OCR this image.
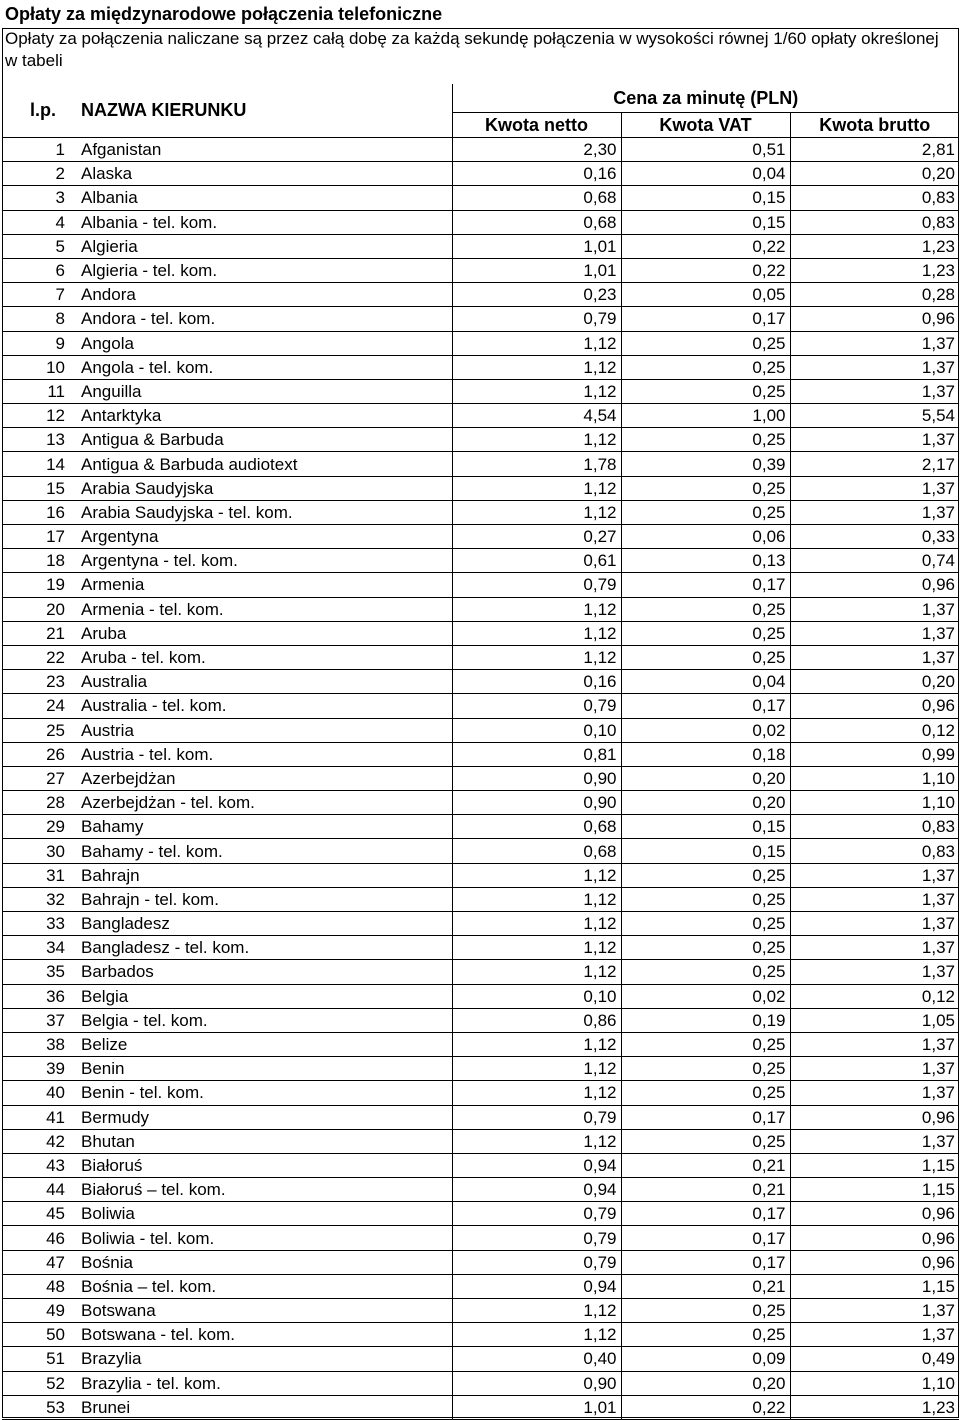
Opłaty za międzynarodowe połączenia telefoniczne
Opłaty za połączenia naliczane są przez całą dobę za każdą sekundę połączenia w wysokości równej 1/60 opłaty określonej w tabeli
l.p.	NAZWA KIERUNKU	Cena za minutę (PLN)		
		Kwota netto	Kwota VAT	Kwota brutto
1	Afganistan	2,30	0,51	2,81
2	Alaska	0,16	0,04	0,20
3	Albania	0,68	0,15	0,83
4	Albania - tel. kom.	0,68	0,15	0,83
5	Algieria	1,01	0,22	1,23
6	Algieria - tel. kom.	1,01	0,22	1,23
7	Andora	0,23	0,05	0,28
8	Andora - tel. kom.	0,79	0,17	0,96
9	Angola	1,12	0,25	1,37
10	Angola - tel. kom.	1,12	0,25	1,37
11	Anguilla	1,12	0,25	1,37
12	Antarktyka	4,54	1,00	5,54
13	Antigua & Barbuda	1,12	0,25	1,37
14	Antigua & Barbuda audiotext	1,78	0,39	2,17
15	Arabia Saudyjska	1,12	0,25	1,37
16	Arabia Saudyjska - tel. kom.	1,12	0,25	1,37
17	Argentyna	0,27	0,06	0,33
18	Argentyna - tel. kom.	0,61	0,13	0,74
19	Armenia	0,79	0,17	0,96
20	Armenia - tel. kom.	1,12	0,25	1,37
21	Aruba	1,12	0,25	1,37
22	Aruba - tel. kom.	1,12	0,25	1,37
23	Australia	0,16	0,04	0,20
24	Australia - tel. kom.	0,79	0,17	0,96
25	Austria	0,10	0,02	0,12
26	Austria - tel. kom.	0,81	0,18	0,99
27	Azerbejdżan	0,90	0,20	1,10
28	Azerbejdżan - tel. kom.	0,90	0,20	1,10
29	Bahamy	0,68	0,15	0,83
30	Bahamy - tel. kom.	0,68	0,15	0,83
31	Bahrajn	1,12	0,25	1,37
32	Bahrajn - tel. kom.	1,12	0,25	1,37
33	Bangladesz	1,12	0,25	1,37
34	Bangladesz - tel. kom.	1,12	0,25	1,37
35	Barbados	1,12	0,25	1,37
36	Belgia	0,10	0,02	0,12
37	Belgia - tel. kom.	0,86	0,19	1,05
38	Belize	1,12	0,25	1,37
39	Benin	1,12	0,25	1,37
40	Benin - tel. kom.	1,12	0,25	1,37
41	Bermudy	0,79	0,17	0,96
42	Bhutan	1,12	0,25	1,37
43	Białoruś	0,94	0,21	1,15
44	Białoruś – tel. kom.	0,94	0,21	1,15
45	Boliwia	0,79	0,17	0,96
46	Boliwia - tel. kom.	0,79	0,17	0,96
47	Bośnia	0,79	0,17	0,96
48	Bośnia – tel. kom.	0,94	0,21	1,15
49	Botswana	1,12	0,25	1,37
50	Botswana - tel. kom.	1,12	0,25	1,37
51	Brazylia	0,40	0,09	0,49
52	Brazylia - tel. kom.	0,90	0,20	1,10
53	Brunei	1,01	0,22	1,23
